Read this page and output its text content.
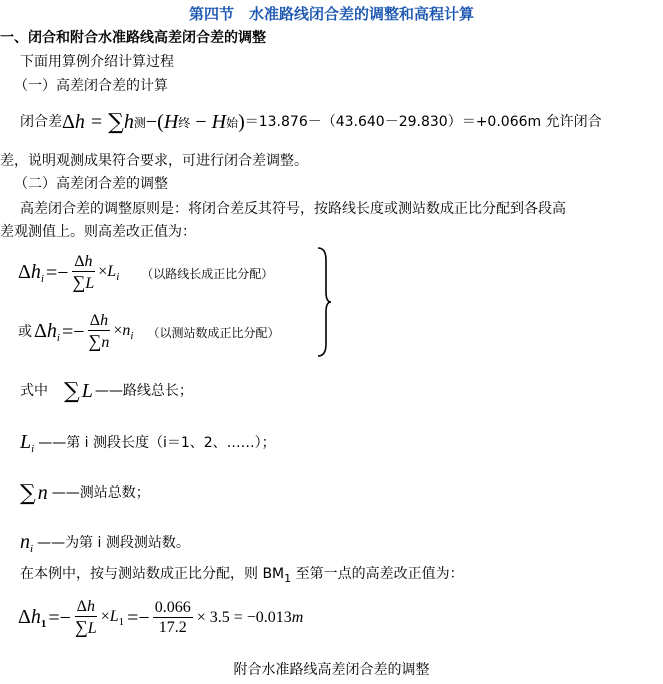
第四节　水准路线闭合差的调整和高程计算
一、闭合和附合水准路线高差闭合差的调整
下面用算例介绍计算过程
（一）高差闭合差的计算
闭合差 Δh = ∑ h 测 −( H 终 − H 始 ) ＝13.876－（43.640－29.830）＝+0.066m 允许闭合
差，说明观测成果符合要求，可进行闭合差调整。
（二）高差闭合差的调整
高差闭合差的调整原则是：将闭合差反其符号，按路线长度或测站数成正比分配到各段高
差观测值上。则高差改正值为：
$\Delta h_i =- \frac{\Delta h}{\sum L} \times L_i$ （以路线长成正比分配）
或 $\Delta h_i =- \frac{\Delta h}{\sum n} \times n_i$ （以测站数成正比分配）
式中 ∑ L ——路线总长；
$L_i$ ——第 i 测段长度（i＝1、2、……）；
∑ n ——测站总数；
$n_i$ ——为第 i 测段测站数。
在本例中，按与测站数成正比分配，则 $BM_1$ 至第一点的高差改正值为：
$\Delta h_1 =- \frac{\Delta h}{\sum L} \times L_1 =- \frac{0.066}{17.2} \times 3.5 = -0.013$ m
附合水准路线高差闭合差的调整
